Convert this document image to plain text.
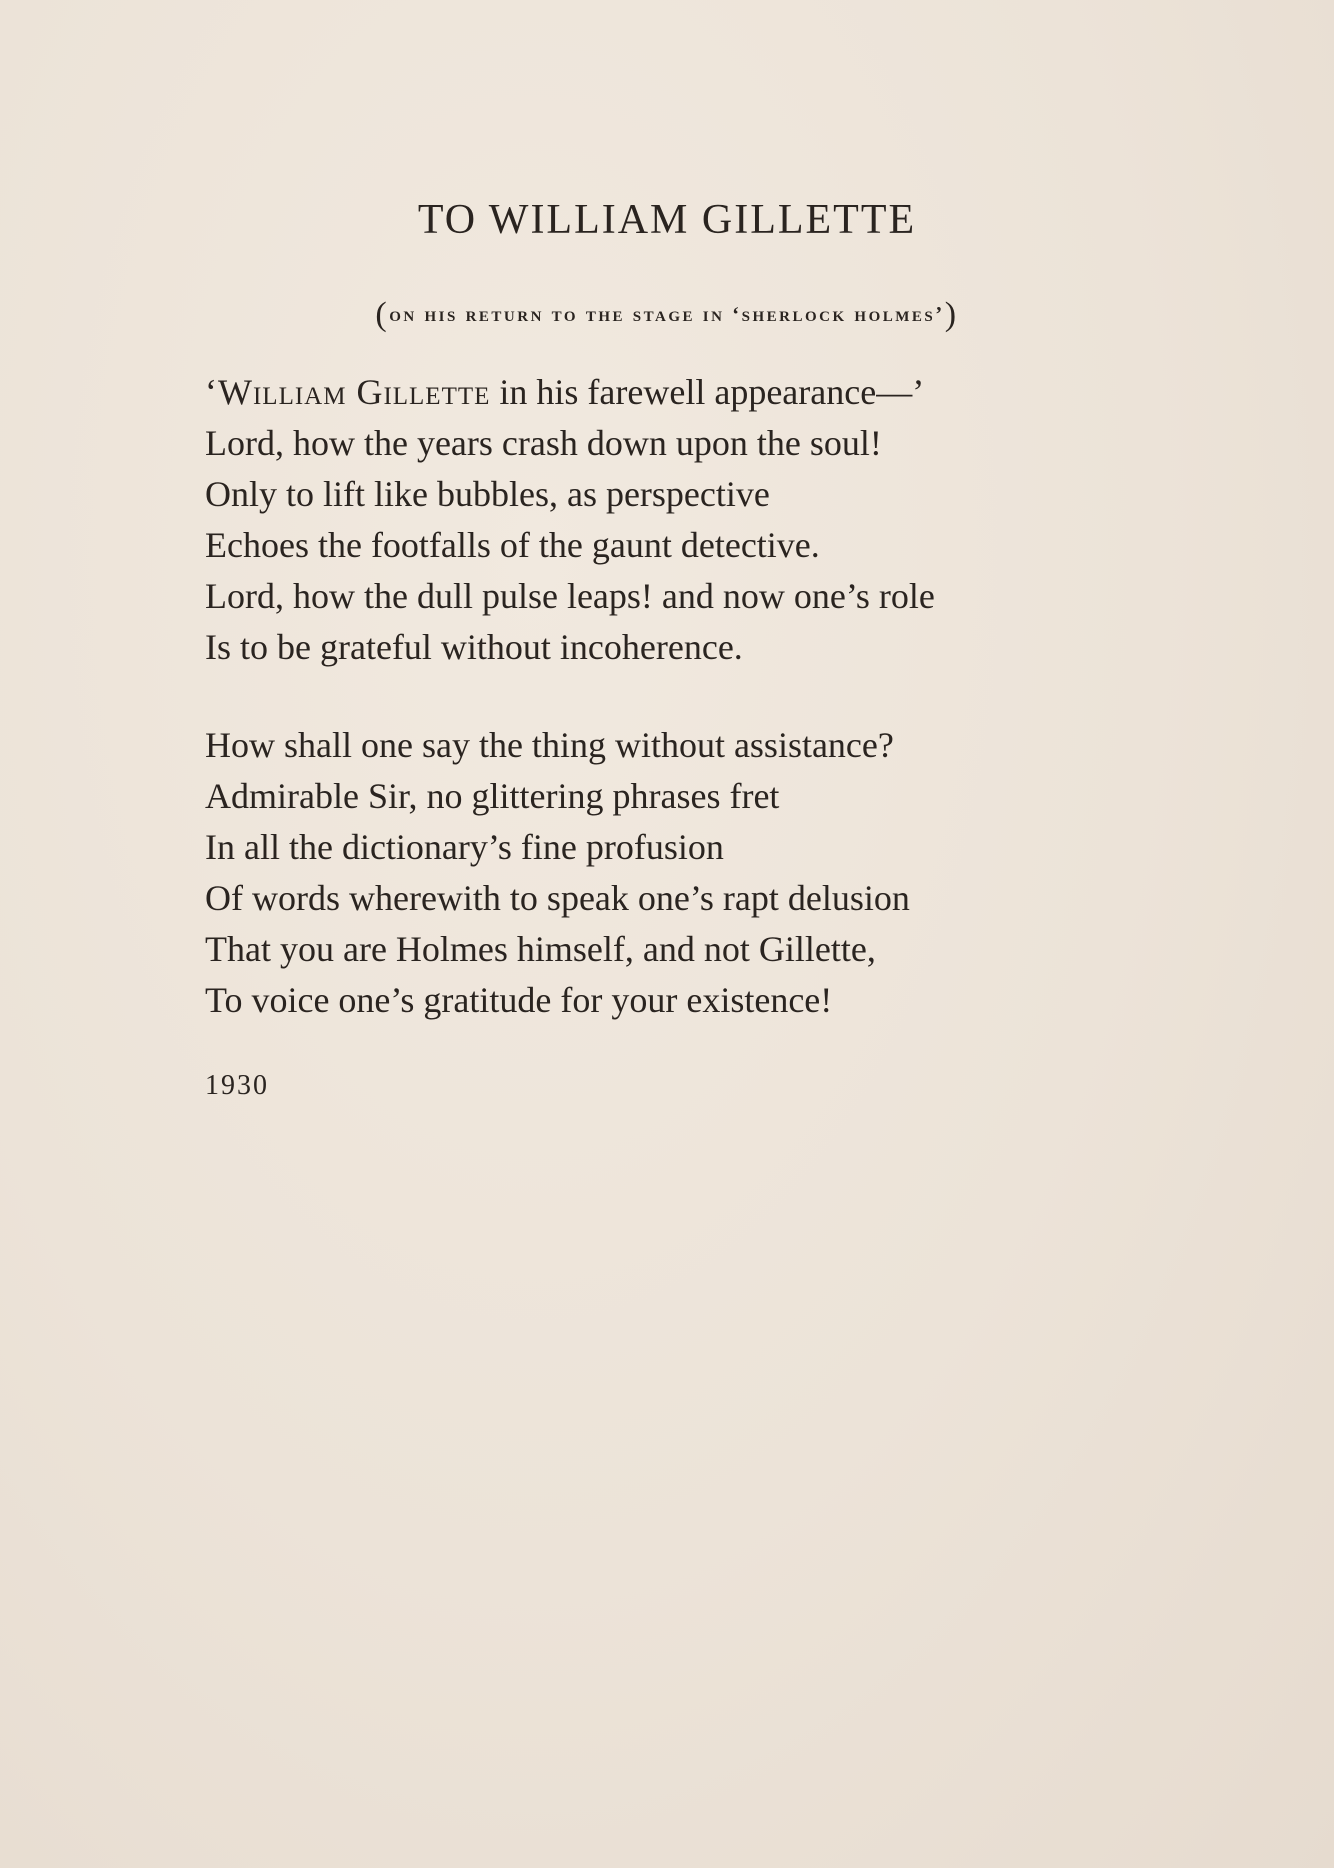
TO WILLIAM GILLETTE

(on his return to the stage in ‘sherlock holmes’)

‘William Gillette in his farewell appearance—’
Lord, how the years crash down upon the soul!
Only to lift like bubbles, as perspective
Echoes the footfalls of the gaunt detective.
Lord, how the dull pulse leaps! and now one’s role
Is to be grateful without incoherence.
How shall one say the thing without assistance?
Admirable Sir, no glittering phrases fret
In all the dictionary’s fine profusion
Of words wherewith to speak one’s rapt delusion
That you are Holmes himself, and not Gillette,
To voice one’s gratitude for your existence!

1930
